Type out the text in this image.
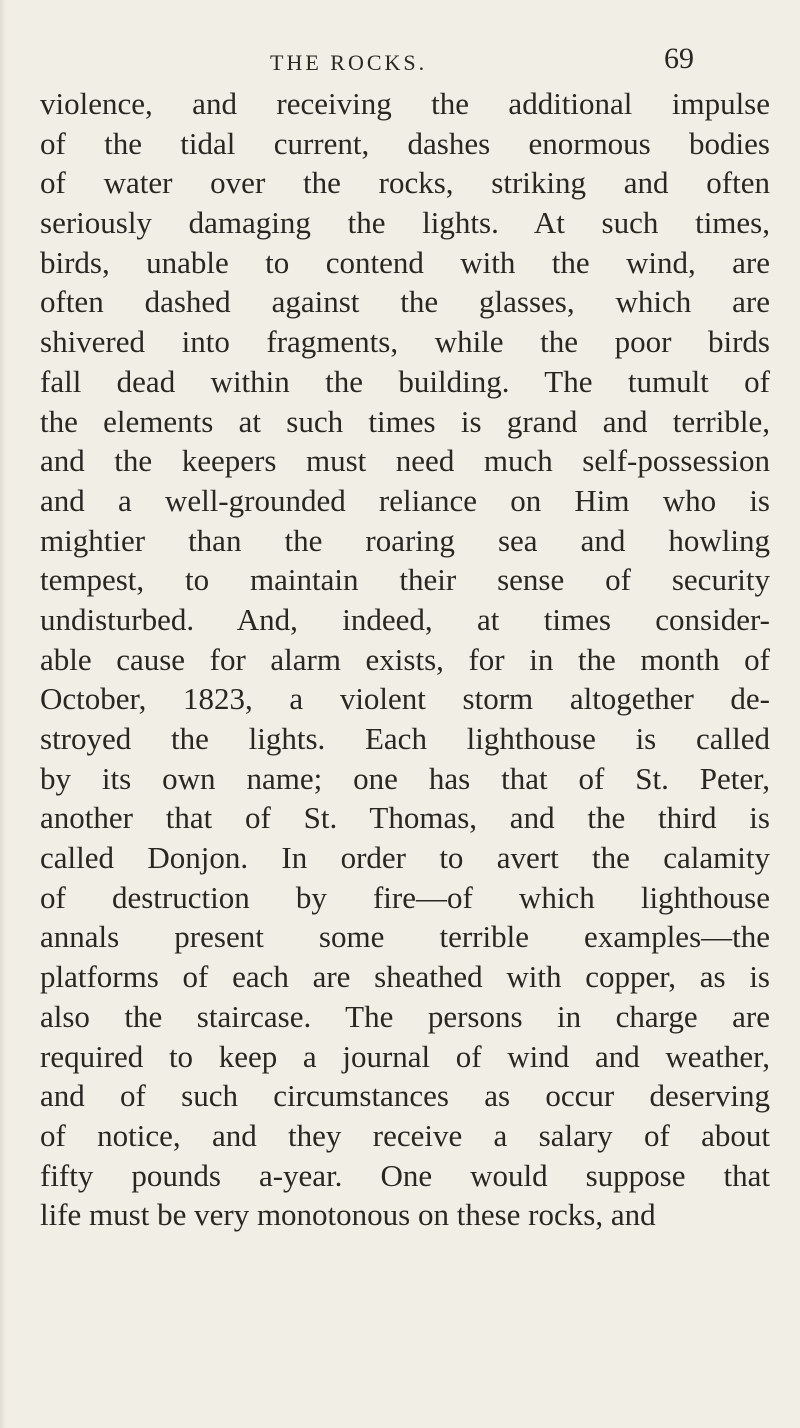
THE ROCKS.	69
violence, and receiving the additional impulse
of the tidal current, dashes enormous bodies
of water over the rocks, striking and often
seriously damaging the lights. At such times,
birds, unable to contend with the wind, are
often dashed against the glasses, which are
shivered into fragments, while the poor birds
fall dead within the building. The tumult of
the elements at such times is grand and terrible,
and the keepers must need much self-possession
and a well-grounded reliance on Him who is
mightier than the roaring sea and howling
tempest, to maintain their sense of security
undisturbed. And, indeed, at times consider-
able cause for alarm exists, for in the month of
October, 1823, a violent storm altogether de-
stroyed the lights. Each lighthouse is called
by its own name; one has that of St. Peter,
another that of St. Thomas, and the third is
called Donjon. In order to avert the calamity
of destruction by fire—of which lighthouse
annals present some terrible examples—the
platforms of each are sheathed with copper, as is
also the staircase. The persons in charge are
required to keep a journal of wind and weather,
and of such circumstances as occur deserving
of notice, and they receive a salary of about
fifty pounds a-year. One would suppose that
life must be very monotonous on these rocks, and
